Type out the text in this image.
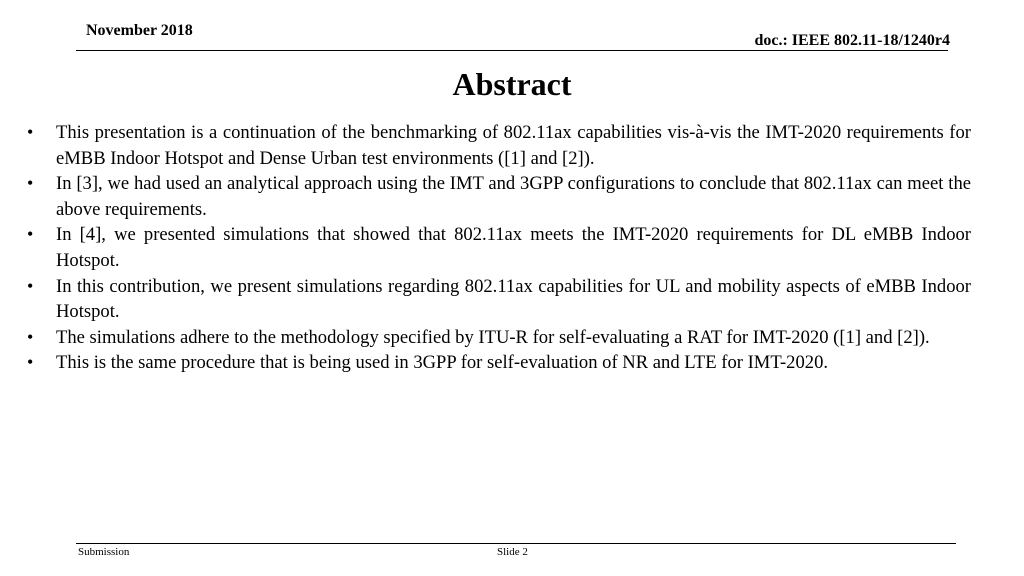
November 2018
doc.: IEEE 802.11-18/1240r4
Abstract
• This presentation is a continuation of the benchmarking of 802.11ax capabilities vis-à-vis the IMT-2020 requirements for eMBB Indoor Hotspot and Dense Urban test environments ([1] and [2]).
• In [3], we had used an analytical approach using the IMT and 3GPP configurations to conclude that 802.11ax can meet the above requirements.
• In [4], we presented simulations that showed that 802.11ax meets the IMT-2020 requirements for DL eMBB Indoor Hotspot.
• In this contribution, we present simulations regarding 802.11ax capabilities for UL and mobility aspects of eMBB Indoor Hotspot.
• The simulations adhere to the methodology specified by ITU-R for self-evaluating a RAT for IMT-2020 ([1] and [2]).
• This is the same procedure that is being used in 3GPP for self-evaluation of NR and LTE for IMT-2020.
Submission	Slide 2
